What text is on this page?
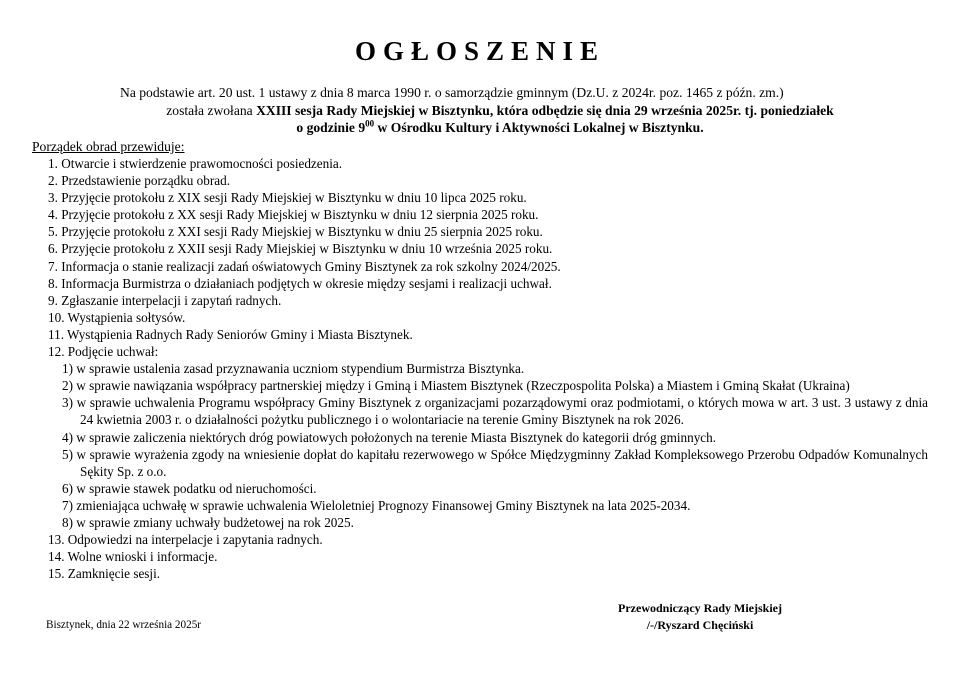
OGŁOSZENIE
Na podstawie art. 20 ust. 1 ustawy z dnia 8 marca 1990 r. o samorządzie gminnym (Dz.U. z 2024r. poz. 1465 z późn. zm.)
została zwołana XXIII sesja Rady Miejskiej w Bisztynku, która odbędzie się dnia 29 września 2025r. tj. poniedziałek
o godzinie $9^{00}$ w Ośrodku Kultury i Aktywności Lokalnej w Bisztynku.
Porządek obrad przewiduje:
1. Otwarcie i stwierdzenie prawomocności posiedzenia.
2. Przedstawienie porządku obrad.
3. Przyjęcie protokołu z XIX sesji Rady Miejskiej w Bisztynku w dniu 10 lipca 2025 roku.
4. Przyjęcie protokołu z XX sesji Rady Miejskiej w Bisztynku w dniu 12 sierpnia 2025 roku.
5. Przyjęcie protokołu z XXI sesji Rady Miejskiej w Bisztynku w dniu 25 sierpnia 2025 roku.
6. Przyjęcie protokołu z XXII sesji Rady Miejskiej w Bisztynku w dniu 10 września 2025 roku.
7. Informacja o stanie realizacji zadań oświatowych Gminy Bisztynek za rok szkolny 2024/2025.
8. Informacja Burmistrza o działaniach podjętych w okresie między sesjami i realizacji uchwał.
9. Zgłaszanie interpelacji i zapytań radnych.
10. Wystąpienia sołtysów.
11. Wystąpienia Radnych Rady Seniorów Gminy i Miasta Bisztynek.
12. Podjęcie uchwał:
1) w sprawie ustalenia zasad przyznawania uczniom stypendium Burmistrza Bisztynka.
2) w sprawie nawiązania współpracy partnerskiej między i Gminą i Miastem Bisztynek (Rzeczpospolita Polska) a Miastem i Gminą Skałat (Ukraina)
3) w sprawie uchwalenia Programu współpracy Gminy Bisztynek z organizacjami pozarządowymi oraz podmiotami, o których mowa w art. 3 ust. 3 ustawy z dnia 24 kwietnia 2003 r. o działalności pożytku publicznego i o wolontariacie na terenie Gminy Bisztynek na rok 2026.
4) w sprawie zaliczenia niektórych dróg powiatowych położonych na terenie Miasta Bisztynek do kategorii dróg gminnych.
5) w sprawie wyrażenia zgody na wniesienie dopłat do kapitału rezerwowego w Spółce Międzygminny Zakład Kompleksowego Przerobu Odpadów Komunalnych Sękity Sp. z o.o.
6) w sprawie stawek podatku od nieruchomości.
7) zmieniająca uchwałę w sprawie uchwalenia Wieloletniej Prognozy Finansowej Gminy Bisztynek na lata 2025-2034.
8) w sprawie zmiany uchwały budżetowej na rok 2025.
13. Odpowiedzi na interpelacje i zapytania radnych.
14. Wolne wnioski i informacje.
15. Zamknięcie sesji.
Bisztynek, dnia 22 września 2025r
Przewodniczący Rady Miejskiej
/-/Ryszard Chęciński
